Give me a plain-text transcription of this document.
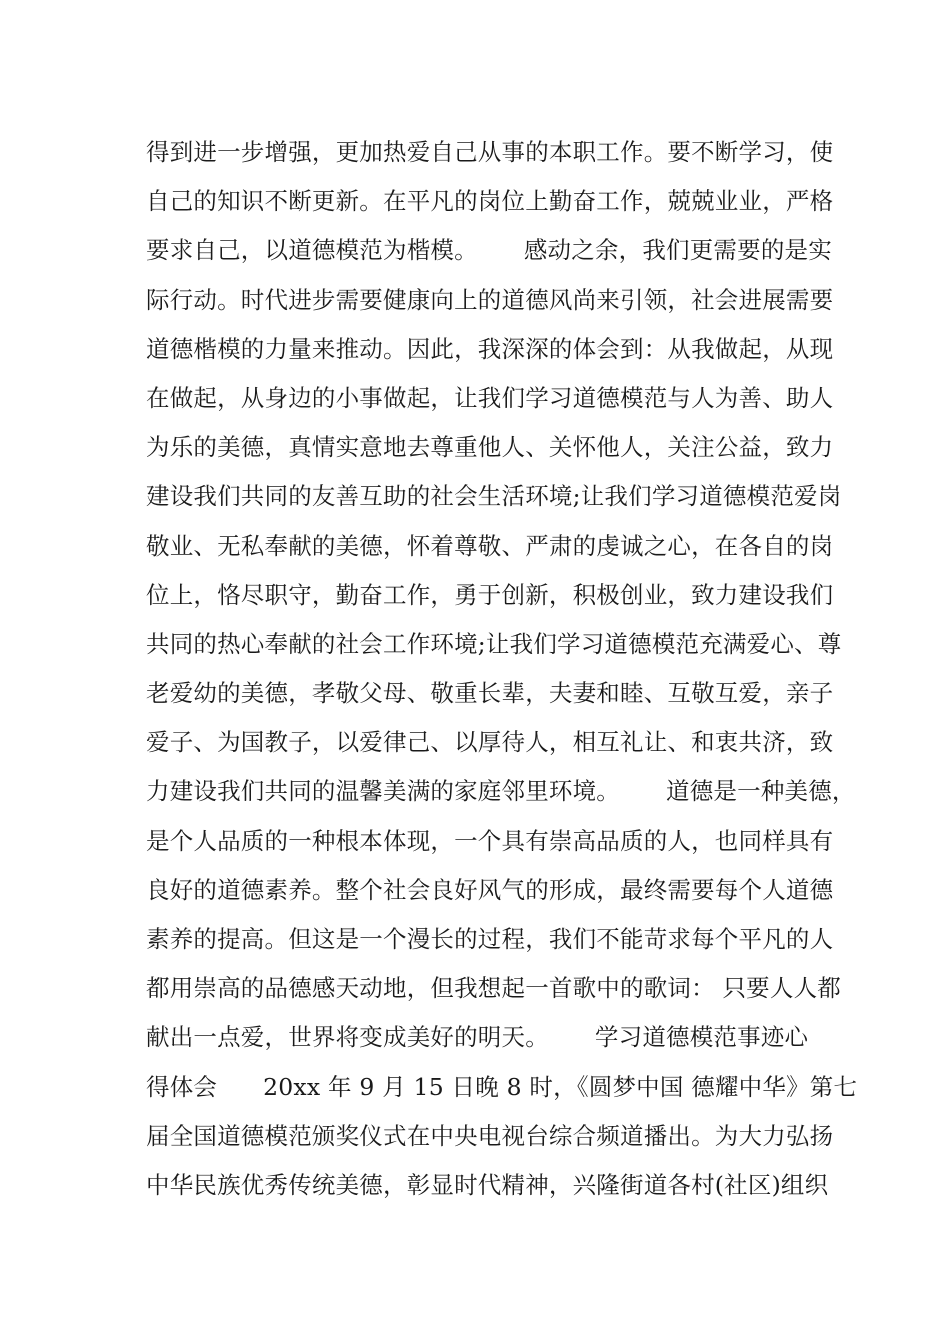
得到进一步增强，更加热爱自己从事的本职工作。要不断学习，使
自己的知识不断更新。在平凡的岗位上勤奋工作，兢兢业业，严格
要求自己，以道德模范为楷模。      感动之余，我们更需要的是实
际行动。时代进步需要健康向上的道德风尚来引领，社会进展需要
道德楷模的力量来推动。因此，我深深的体会到：从我做起，从现
在做起，从身边的小事做起，让我们学习道德模范与人为善、助人
为乐的美德，真情实意地去尊重他人、关怀他人，关注公益，致力
建设我们共同的友善互助的社会生活环境;让我们学习道德模范爱岗
敬业、无私奉献的美德，怀着尊敬、严肃的虔诚之心，在各自的岗
位上，恪尽职守，勤奋工作，勇于创新，积极创业，致力建设我们
共同的热心奉献的社会工作环境;让我们学习道德模范充满爱心、尊
老爱幼的美德，孝敬父母、敬重长辈，夫妻和睦、互敬互爱，亲子
爱子、为国教子，以爱律己、以厚待人，相互礼让、和衷共济，致
力建设我们共同的温馨美满的家庭邻里环境。      道德是一种美德，
是个人品质的一种根本体现，一个具有崇高品质的人，也同样具有
良好的道德素养。整个社会良好风气的形成，最终需要每个人道德
素养的提高。但这是一个漫长的过程，我们不能苛求每个平凡的人
都用崇高的品德感天动地，但我想起一首歌中的歌词： 只要人人都
献出一点爱，世界将变成美好的明天。      学习道德模范事迹心
得体会      20xx 年 9 月 15 日晚 8 时，《圆梦中国 德耀中华》第七
届全国道德模范颁奖仪式在中央电视台综合频道播出。为大力弘扬
中华民族优秀传统美德，彰显时代精神，兴隆街道各村(社区)组织
